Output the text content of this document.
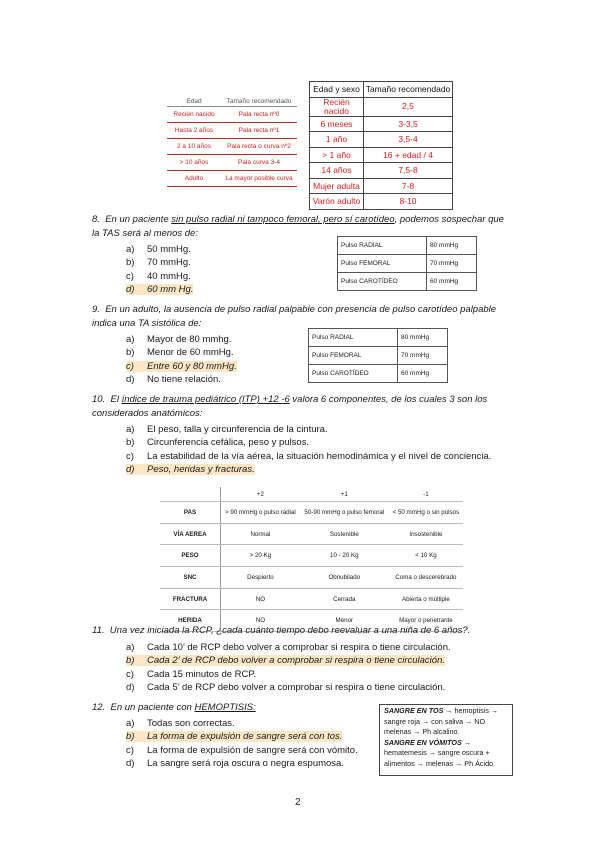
Edad	Tamaño recomendado
Recién nacido	Pala recta nº0
Hasta 2 años	Pala recta nº1
2 a 10 años	Pala recta o curva nº2
> 10 años	Pala curva 3-4
Adulto	La mayor posible curva
Edad y sexo	Tamaño recomendado
Recién nacido	2,5
6 meses	3-3,5
1 año	3,5-4
> 1 año	16 + edad / 4
14 años	7,5-8
Mujer adulta	7-8
Varón adulto	8-10
8. En un paciente sin pulso radial ni tampoco femoral, pero sí carotídeo, podemos sospechar que la TAS será al menos de:
a) 50 mmHg.
b) 70 mmHg.
c) 40 mmHg.
d) 60 mm Hg.
Pulso RADIAL	80 mmHg
Pulso FEMORAL	70 mmHg
Pulso CAROTÍDEO	60 mmHg
9. En un adulto, la ausencia de pulso radial palpable con presencia de pulso carotídeo palpable indica una TA sistólica de:
a) Mayor de 80 mmhg.
b) Menor de 60 mmHg.
c) Entre 60 y 80 mmHg.
d) No tiene relación.
Pulso RADIAL	80 mmHg
Pulso FEMORAL	70 mmHg
Pulso CAROTÍDEO	60 mmHg
10. El índice de trauma pediátrico (ITP) +12 -6 valora 6 componentes, de los cuales 3 son los considerados anatómicos:
a) El peso, talla y circunferencia de la cintura.
b) Circunferencia cefálica, peso y pulsos.
c) La estabilidad de la vía aérea, la situación hemodinámica y el nivel de conciencia.
d) Peso, heridas y fracturas.
	+2	+1	-1
PAS	> 90 mmHg o pulso radial	50-90 mmHg o pulso femoral	< 50 mmHg o sin pulsos
VÍA AEREA	Normal	Sostenible	Insostenible
PESO	> 20 Kg	10 - 20 Kg	< 10 Kg
SNC	Despierto	Obnubilado	Coma o descerebrado
FRACTURA	NO	Cerrada	Abierta o múltiple
HERIDA	NO	Menor	Mayor o penetrante
11. Una vez iniciada la RCP, ¿cada cuánto tiempo debo reevaluar a una niña de 6 años?.
a) Cada 10’ de RCP debo volver a comprobar si respira o tiene circulación.
b) Cada 2’ de RCP debo volver a comprobar si respira o tiene circulación.
c) Cada 15 minutos de RCP.
d) Cada 5’ de RCP debo volver a comprobar si respira o tiene circulación.
12. En un paciente con HEMOPTISIS:
a) Todas son correctas.
b) La forma de expulsión de sangre será con tos.
c) La forma de expulsión de sangre será con vómito.
d) La sangre será roja oscura o negra espumosa.
SANGRE EN TOS → hemoptisis → sangre roja → con saliva → NO melenas → Ph alcalino.
SANGRE EN VÓMITOS →
hematemesis → sangre oscura + alimentos → melenas → Ph Ácido.
2
